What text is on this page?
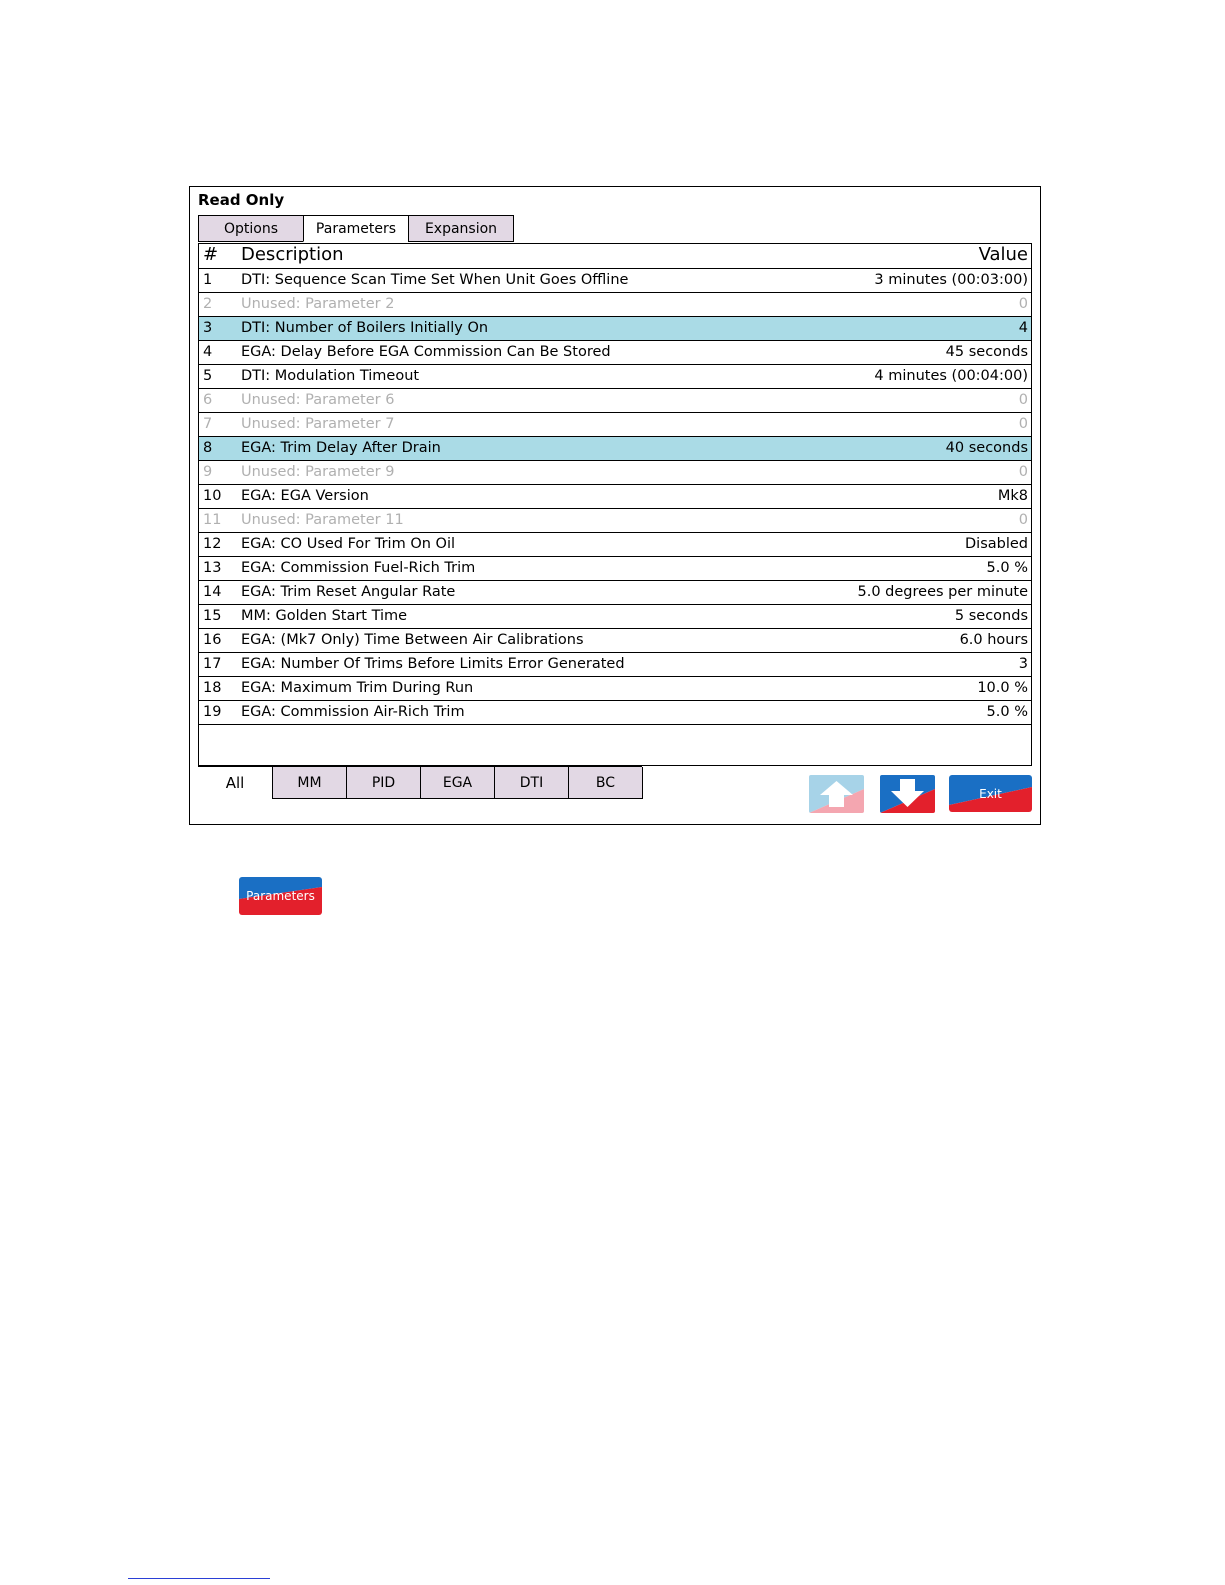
Read Only
Options	Parameters	Expansion
# Description	Value
1 DTI: Sequence Scan Time Set When Unit Goes Offline	3 minutes (00:03:00)
2 Unused: Parameter 2	0
3 DTI: Number of Boilers Initially On	4
4 EGA: Delay Before EGA Commission Can Be Stored	45 seconds
5 DTI: Modulation Timeout	4 minutes (00:04:00)
6 Unused: Parameter 6	0
7 Unused: Parameter 7	0
8 EGA: Trim Delay After Drain	40 seconds
9 Unused: Parameter 9	0
10 EGA: EGA Version	Mk8
11 Unused: Parameter 11	0
12 EGA: CO Used For Trim On Oil	Disabled
13 EGA: Commission Fuel-Rich Trim	5.0 %
14 EGA: Trim Reset Angular Rate	5.0 degrees per minute
15 MM: Golden Start Time	5 seconds
16 EGA: (Mk7 Only) Time Between Air Calibrations	6.0 hours
17 EGA: Number Of Trims Before Limits Error Generated	3
18 EGA: Maximum Trim During Run	10.0 %
19 EGA: Commission Air-Rich Trim	5.0 %
All	MM	PID	EGA	DTI	BC
Exit
Parameters
